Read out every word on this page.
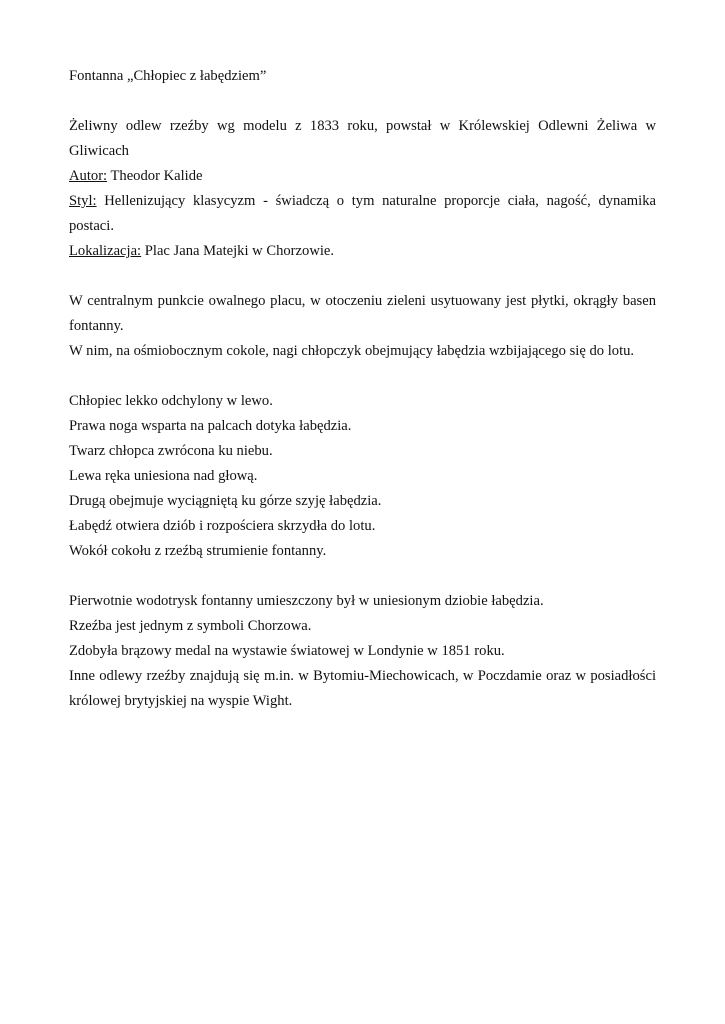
Fontanna „Chłopiec z łabędziem”

Żeliwny odlew rzeźby wg modelu z 1833 roku, powstał w Królewskiej Odlewni Żeliwa w Gliwicach

Autor: Theodor Kalide

Styl: Hellenizujący klasycyzm - świadczą o tym naturalne proporcje ciała, nagość, dynamika postaci.

Lokalizacja: Plac Jana Matejki w Chorzowie.

W centralnym punkcie owalnego placu, w otoczeniu zieleni usytuowany jest płytki, okrągły basen fontanny.

W nim, na ośmiobocznym cokole, nagi chłopczyk obejmujący łabędzia wzbijającego się do lotu.

Chłopiec lekko odchylony w lewo.

Prawa noga wsparta na palcach dotyka łabędzia.

Twarz chłopca zwrócona ku niebu.

Lewa ręka uniesiona nad głową.

Drugą obejmuje wyciągniętą ku górze szyję łabędzia.

Łabędź otwiera dziób i rozpościera skrzydła do lotu.

Wokół cokołu z rzeźbą strumienie fontanny.

Pierwotnie wodotrysk fontanny umieszczony był w uniesionym dziobie łabędzia.

Rzeźba jest jednym z symboli Chorzowa.

Zdobyła brązowy medal na wystawie światowej w Londynie w 1851 roku.

Inne odlewy rzeźby znajdują się m.in. w Bytomiu-Miechowicach, w Poczdamie oraz w posiadłości królowej brytyjskiej na wyspie Wight.
